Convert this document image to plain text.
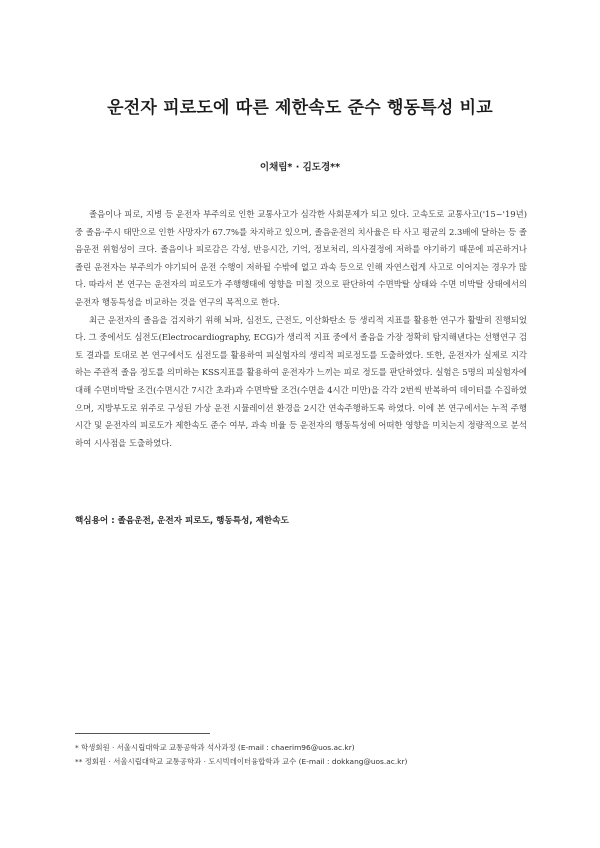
운전자 피로도에 따른 제한속도 준수 행동특성 비교
이채림* · 김도경**

졸음이나 피로, 지병 등 운전자 부주의로 인한 교통사고가 심각한 사회문제가 되고 있다. 고속도로 교통사고('15~'19년) 중 졸음·주시 태만으로 인한 사망자가 67.7%를 차지하고 있으며, 졸음운전의 치사율은 타 사고 평균의 2.3배에 달하는 등 졸음운전 위험성이 크다. 졸음이나 피로감은 각성, 반응시간, 기억, 정보처리, 의사결정에 저하를 야기하기 때문에 피곤하거나 졸린 운전자는 부주의가 야기되어 운전 수행이 저하될 수밖에 없고 과속 등으로 인해 자연스럽게 사고로 이어지는 경우가 많다. 따라서 본 연구는 운전자의 피로도가 주행행태에 영향을 미칠 것으로 판단하여 수면박탈 상태와 수면 비박탈 상태에서의 운전자 행동특성을 비교하는 것을 연구의 목적으로 한다.

최근 운전자의 졸음을 검지하기 위해 뇌파, 심전도, 근전도, 이산화탄소 등 생리적 지표를 활용한 연구가 활발히 진행되었다. 그 중에서도 심전도(Electrocardiography, ECG)가 생리적 지표 중에서 졸음을 가장 정확히 탐지해낸다는 선행연구 검토 결과를 토대로 본 연구에서도 심전도를 활용하여 피실험자의 생리적 피로정도를 도출하였다. 또한, 운전자가 실제로 지각하는 주관적 졸음 정도를 의미하는 KSS지표를 활용하여 운전자가 느끼는 피로 정도를 판단하였다. 실험은 5명의 피실험자에 대해 수면비박탈 조건(수면시간 7시간 초과)과 수면박탈 조건(수면을 4시간 미만)을 각각 2번씩 반복하여 데이터를 수집하였으며, 지방부도로 위주로 구성된 가상 운전 시뮬레이션 환경을 2시간 연속주행하도록 하였다. 이에 본 연구에서는 누적 주행시간 및 운전자의 피로도가 제한속도 준수 여부, 과속 비율 등 운전자의 행동특성에 어떠한 영향을 미치는지 정량적으로 분석하여 시사점을 도출하였다.

핵심용어 : 졸음운전, 운전자 피로도, 행동특성, 제한속도
* 학생회원 · 서울시립대학교 교통공학과 석사과정 (E-mail : chaerim96@uos.ac.kr)
** 정회원 · 서울시립대학교 교통공학과 · 도시빅데이터융합학과 교수 (E-mail : dokkang@uos.ac.kr)
